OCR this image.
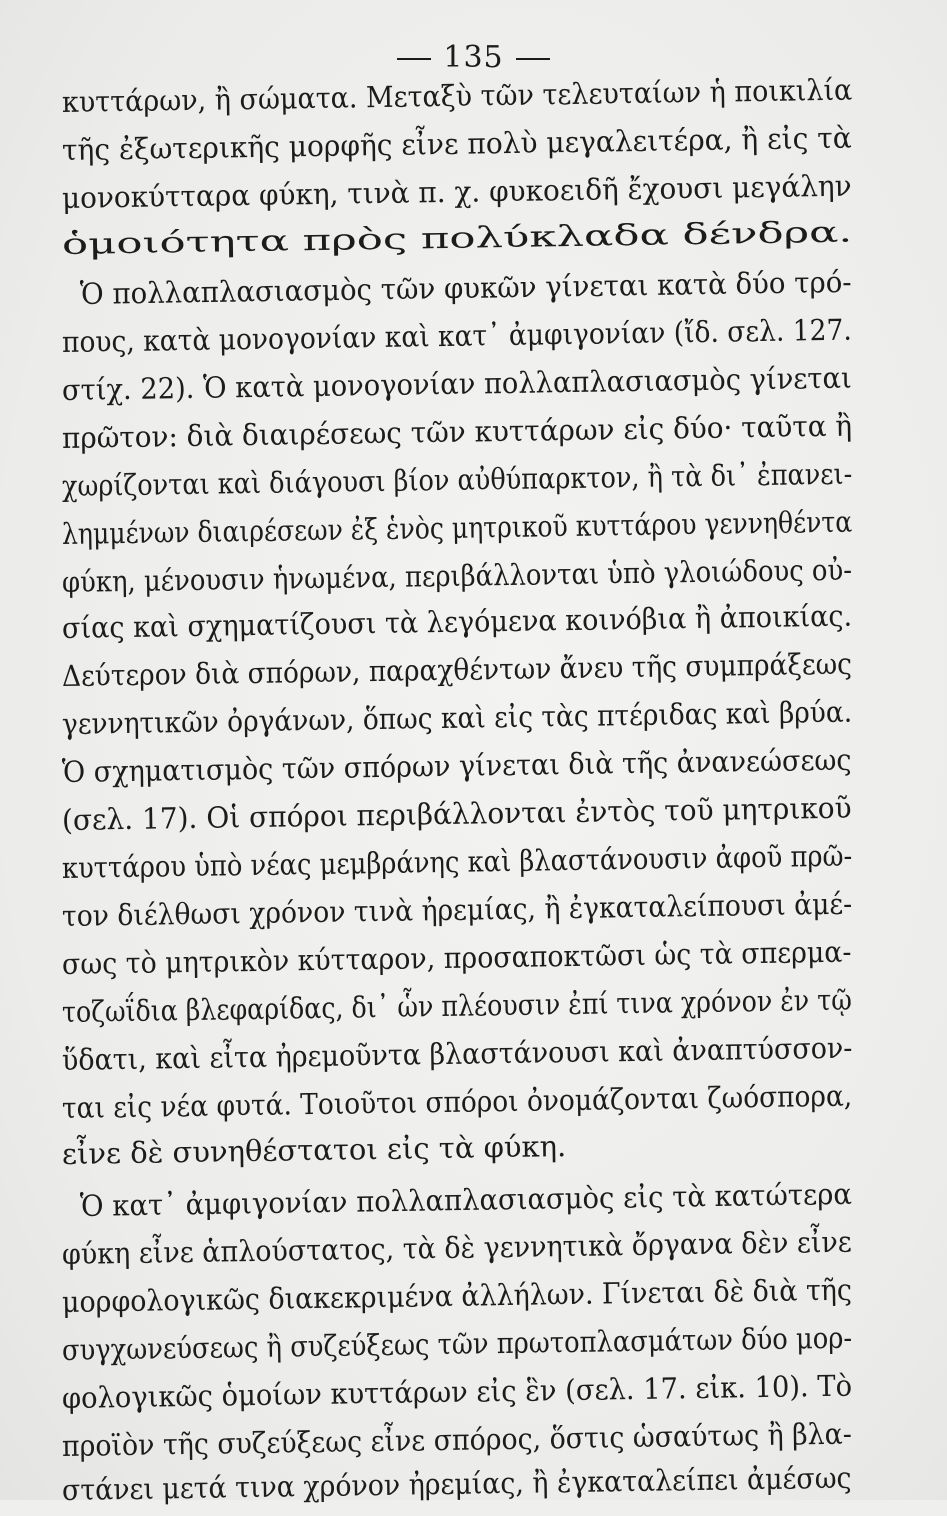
135
κυττάρων, ἢ σώματα. Μεταξὺ τῶν τελευταίων ἡ ποικιλία
τῆς ἐξωτερικῆς μορφῆς εἶνε πολὺ μεγαλειτέρα, ἢ εἰς τὰ
μονοκύτταρα φύκη, τινὰ π. χ. φυκοειδῆ ἔχουσι μεγάλην
ὁμοιότητα πρὸς πολύκλαδα δένδρα.
Ὁ πολλαπλασιασμὸς τῶν φυκῶν γίνεται κατὰ δύο τρό-
πους, κατὰ μονογονίαν καὶ κατ᾽ ἀμφιγονίαν (ἴδ. σελ. 127.
στίχ. 22). Ὁ κατὰ μονογονίαν πολλαπλασιασμὸς γίνεται
πρῶτον: διὰ διαιρέσεως τῶν κυττάρων εἰς δύο· ταῦτα ἢ
χωρίζονται καὶ διάγουσι βίον αὐθύπαρκτον, ἢ τὰ δι᾽ ἐπανει-
λημμένων διαιρέσεων ἐξ ἑνὸς μητρικοῦ κυττάρου γεννηθέντα
φύκη, μένουσιν ἡνωμένα, περιβάλλονται ὑπὸ γλοιώδους οὐ-
σίας καὶ σχηματίζουσι τὰ λεγόμενα κοινόβια ἢ ἀποικίας.
Δεύτερον διὰ σπόρων, παραχθέντων ἄνευ τῆς συμπράξεως
γεννητικῶν ὀργάνων, ὅπως καὶ εἰς τὰς πτέριδας καὶ βρύα.
Ὁ σχηματισμὸς τῶν σπόρων γίνεται διὰ τῆς ἀνανεώσεως
(σελ. 17). Οἱ σπόροι περιβάλλονται ἐντὸς τοῦ μητρικοῦ
κυττάρου ὑπὸ νέας μεμβράνης καὶ βλαστάνουσιν ἀφοῦ πρῶ-
τον διέλθωσι χρόνον τινὰ ἠρεμίας, ἢ ἐγκαταλείπουσι ἀμέ-
σως τὸ μητρικὸν κύτταρον, προσαποκτῶσι ὡς τὰ σπερμα-
τοζωΐδια βλεφαρίδας, δι᾽ ὧν πλέουσιν ἐπί τινα χρόνον ἐν τῷ
ὕδατι, καὶ εἶτα ἠρεμοῦντα βλαστάνουσι καὶ ἀναπτύσσον-
ται εἰς νέα φυτά. Τοιοῦτοι σπόροι ὀνομάζονται ζωόσπορα,
εἶνε δὲ συνηθέστατοι εἰς τὰ φύκη.
Ὁ κατ᾽ ἀμφιγονίαν πολλαπλασιασμὸς εἰς τὰ κατώτερα
φύκη εἶνε ἁπλούστατος, τὰ δὲ γεννητικὰ ὄργανα δὲν εἶνε
μορφολογικῶς διακεκριμένα ἀλλήλων. Γίνεται δὲ διὰ τῆς
συγχωνεύσεως ἢ συζεύξεως τῶν πρωτοπλασμάτων δύο μορ-
φολογικῶς ὁμοίων κυττάρων εἰς ἓν (σελ. 17. εἰκ. 10). Τὸ
προϊὸν τῆς συζεύξεως εἶνε σπόρος, ὅστις ὡσαύτως ἢ βλα-
στάνει μετά τινα χρόνον ἠρεμίας, ἢ ἐγκαταλείπει ἀμέσως
